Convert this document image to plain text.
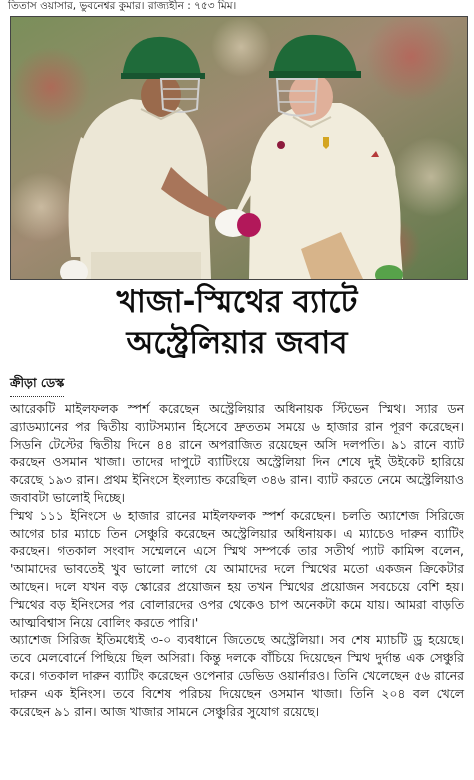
তিতাস ওয়াসার, ভুবনেশ্বর কুমার। রাজ্যহীন : ৭৫৩ মিম।
খাজা-স্মিথের ব্যাটে
অস্ট্রেলিয়ার জবাব
ক্রীড়া ডেস্ক

আরেকটি মাইলফলক স্পর্শ করেছেন অস্ট্রেলিয়ার অধিনায়ক স্টিভেন স্মিথ। স্যার ডন ব্র্যাডম্যানের পর দ্বিতীয় ব্যাটসম্যান হিসেবে দ্রুততম সময়ে ৬ হাজার রান পূরণ করেছেন। সিডনি টেস্টের দ্বিতীয় দিনে ৪৪ রানে অপরাজিত রয়েছেন অসি দলপতি। ৯১ রানে ব্যাট করছেন ওসমান খাজা। তাদের দাপুটে ব্যাটিংয়ে অস্ট্রেলিয়া দিন শেষে দুই উইকেট হারিয়ে করেছে ১৯৩ রান। প্রথম ইনিংসে ইংল্যান্ড করেছিল ৩৪৬ রান। ব্যাট করতে নেমে অস্ট্রেলিয়াও জবাবটা ভালোই দিচ্ছে।

স্মিথ ১১১ ইনিংসে ৬ হাজার রানের মাইলফলক স্পর্শ করেছেন। চলতি অ্যাশেজ সিরিজে আগের চার ম্যাচে তিন সেঞ্চুরি করেছেন অস্ট্রেলিয়ার অধিনায়ক। এ ম্যাচেও দারুন ব্যাটিং করছেন। গতকাল সংবাদ সম্মেলনে এসে স্মিথ সম্পর্কে তার সতীর্থ প্যাট কামিন্স বলেন, 'আমাদের ভাবতেই খুব ভালো লাগে যে আমাদের দলে স্মিথের মতো একজন ক্রিকেটার আছেন। দলে যখন বড় স্কোরের প্রয়োজন হয় তখন স্মিথের প্রয়োজন সবচেয়ে বেশি হয়। স্মিথের বড় ইনিংসের পর বোলারদের ওপর থেকেও চাপ অনেকটা কমে যায়। আমরা বাড়তি আত্মবিশ্বাস নিয়ে বোলিং করতে পারি।'

অ্যাশেজ সিরিজ ইতিমধ্যেই ৩-০ ব্যবধানে জিতেছে অস্ট্রেলিয়া। সব শেষ ম্যাচটি ড্র হয়েছে। তবে মেলবোর্নে পিছিয়ে ছিল অসিরা। কিন্তু দলকে বাঁচিয়ে দিয়েছেন স্মিথ দুর্দান্ত এক সেঞ্চুরি করে। গতকাল দারুন ব্যাটিং করেছেন ওপেনার ডেভিড ওয়ার্নারও। তিনি খেলেছেন ৫৬ রানের দারুন এক ইনিংস। তবে বিশেষ পরিচয় দিয়েছেন ওসমান খাজা। তিনি ২০৪ বল খেলে করেছেন ৯১ রান। আজ খাজার সামনে সেঞ্চুরির সুযোগ রয়েছে।
